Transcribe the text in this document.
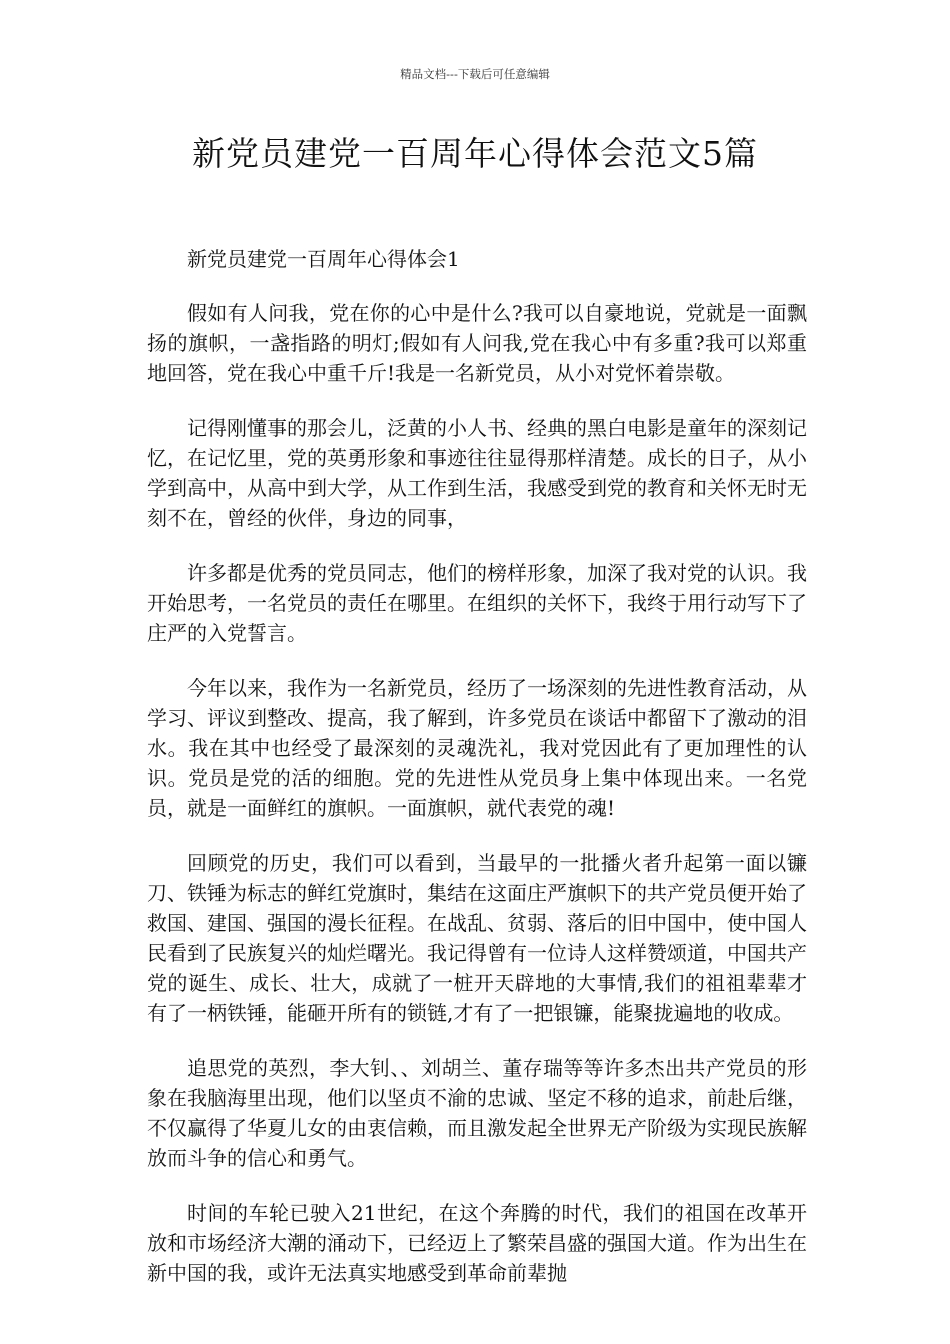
精品文档---下载后可任意编辑
新党员建党一百周年心得体会范文5篇

新党员建党一百周年心得体会1

假如有人问我，党在你的心中是什么?我可以自豪地说，党就是一面飘扬的旗帜，一盏指路的明灯;假如有人问我,党在我心中有多重?我可以郑重地回答，党在我心中重千斤!我是一名新党员，从小对党怀着崇敬。

记得刚懂事的那会儿，泛黄的小人书、经典的黑白电影是童年的深刻记忆，在记忆里，党的英勇形象和事迹往往显得那样清楚。成长的日子，从小学到高中，从高中到大学，从工作到生活，我感受到党的教育和关怀无时无刻不在，曾经的伙伴，身边的同事，

许多都是优秀的党员同志，他们的榜样形象，加深了我对党的认识。我开始思考，一名党员的责任在哪里。在组织的关怀下，我终于用行动写下了庄严的入党誓言。

今年以来，我作为一名新党员，经历了一场深刻的先进性教育活动，从学习、评议到整改、提高，我了解到，许多党员在谈话中都留下了激动的泪水。我在其中也经受了最深刻的灵魂洗礼，我对党因此有了更加理性的认识。党员是党的活的细胞。党的先进性从党员身上集中体现出来。一名党员，就是一面鲜红的旗帜。一面旗帜，就代表党的魂!

回顾党的历史，我们可以看到，当最早的一批播火者升起第一面以镰刀、铁锤为标志的鲜红党旗时，集结在这面庄严旗帜下的共产党员便开始了救国、建国、强国的漫长征程。在战乱、贫弱、落后的旧中国中，使中国人民看到了民族复兴的灿烂曙光。我记得曾有一位诗人这样赞颂道，中国共产党的诞生、成长、壮大，成就了一桩开天辟地的大事情,我们的祖祖辈辈才有了一柄铁锤，能砸开所有的锁链,才有了一把银镰，能聚拢遍地的收成。

追思党的英烈，李大钊、、刘胡兰、董存瑞等等许多杰出共产党员的形象在我脑海里出现，他们以坚贞不渝的忠诚、坚定不移的追求，前赴后继，不仅赢得了华夏儿女的由衷信赖，而且激发起全世界无产阶级为实现民族解放而斗争的信心和勇气。

时间的车轮已驶入21世纪，在这个奔腾的时代，我们的祖国在改革开放和市场经济大潮的涌动下，已经迈上了繁荣昌盛的强国大道。作为出生在新中国的我，或许无法真实地感受到革命前辈抛
